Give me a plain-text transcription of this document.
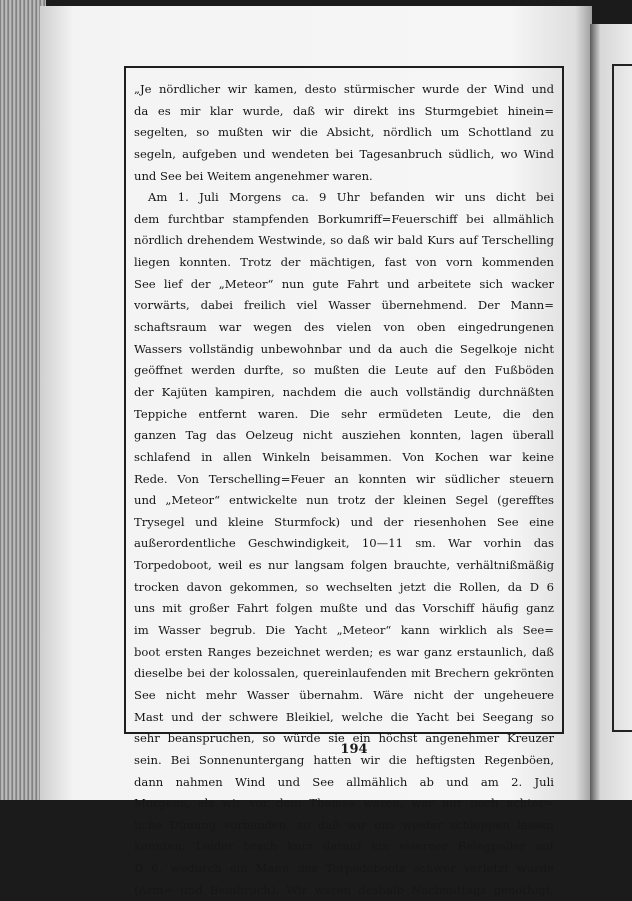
„Je nördlicher wir kamen, desto stürmischer wurde der Wind und
da es mir klar wurde, daß wir direkt ins Sturmgebiet hinein=
segelten, so mußten wir die Absicht, nördlich um Schottland zu
segeln, aufgeben und wendeten bei Tagesanbruch südlich, wo Wind
und See bei Weitem angenehmer waren.
Am 1. Juli Morgens ca. 9 Uhr befanden wir uns dicht bei
dem furchtbar stampfenden Borkumriff=Feuerschiff bei allmählich
nördlich drehendem Westwinde, so daß wir bald Kurs auf Terschelling
liegen konnten. Trotz der mächtigen, fast von vorn kommenden
See lief der „Meteor“ nun gute Fahrt und arbeitete sich wacker
vorwärts, dabei freilich viel Wasser übernehmend. Der Mann=
schaftsraum war wegen des vielen von oben eingedrungenen
Wassers vollständig unbewohnbar und da auch die Segelkoje nicht
geöffnet werden durfte, so mußten die Leute auf den Fußböden
der Kajüten kampiren, nachdem die auch vollständig durchnäßten
Teppiche entfernt waren. Die sehr ermüdeten Leute, die den
ganzen Tag das Oelzeug nicht ausziehen konnten, lagen überall
schlafend in allen Winkeln beisammen. Von Kochen war keine
Rede. Von Terschelling=Feuer an konnten wir südlicher steuern
und „Meteor“ entwickelte nun trotz der kleinen Segel (gerefftes
Trysegel und kleine Sturmfock) und der riesenhohen See eine
außerordentliche Geschwindigkeit, 10—11 sm. War vorhin das
Torpedoboot, weil es nur langsam folgen brauchte, verhältnißmäßig
trocken davon gekommen, so wechselten jetzt die Rollen, da D 6
uns mit großer Fahrt folgen mußte und das Vorschiff häufig ganz
im Wasser begrub. Die Yacht „Meteor“ kann wirklich als See=
boot ersten Ranges bezeichnet werden; es war ganz erstaunlich, daß
dieselbe bei der kolossalen, quereinlaufenden mit Brechern gekrönten
See nicht mehr Wasser übernahm. Wäre nicht der ungeheuere
Mast und der schwere Bleikiel, welche die Yacht bei Seegang so
sehr beanspruchen, so würde sie ein höchst angenehmer Kreuzer
sein. Bei Sonnenuntergang hatten wir die heftigsten Regenböen,
dann nahmen Wind und See allmählich ab und am 2. Juli
Morgens, als wir vor dem Themse waren, war nur noch achter=
liche Dünung vorhanden, so daß wir uns wieder schleppen lassen
konnten. Leider brach kurz darauf ein eiserner Belegpoller auf
D 6, wodurch ein Mann des Torpedoboots schwer verletzt wurde
(Arm= und Beinbruch). Wir waren deshalb Nachmittags genöthigt,
194
